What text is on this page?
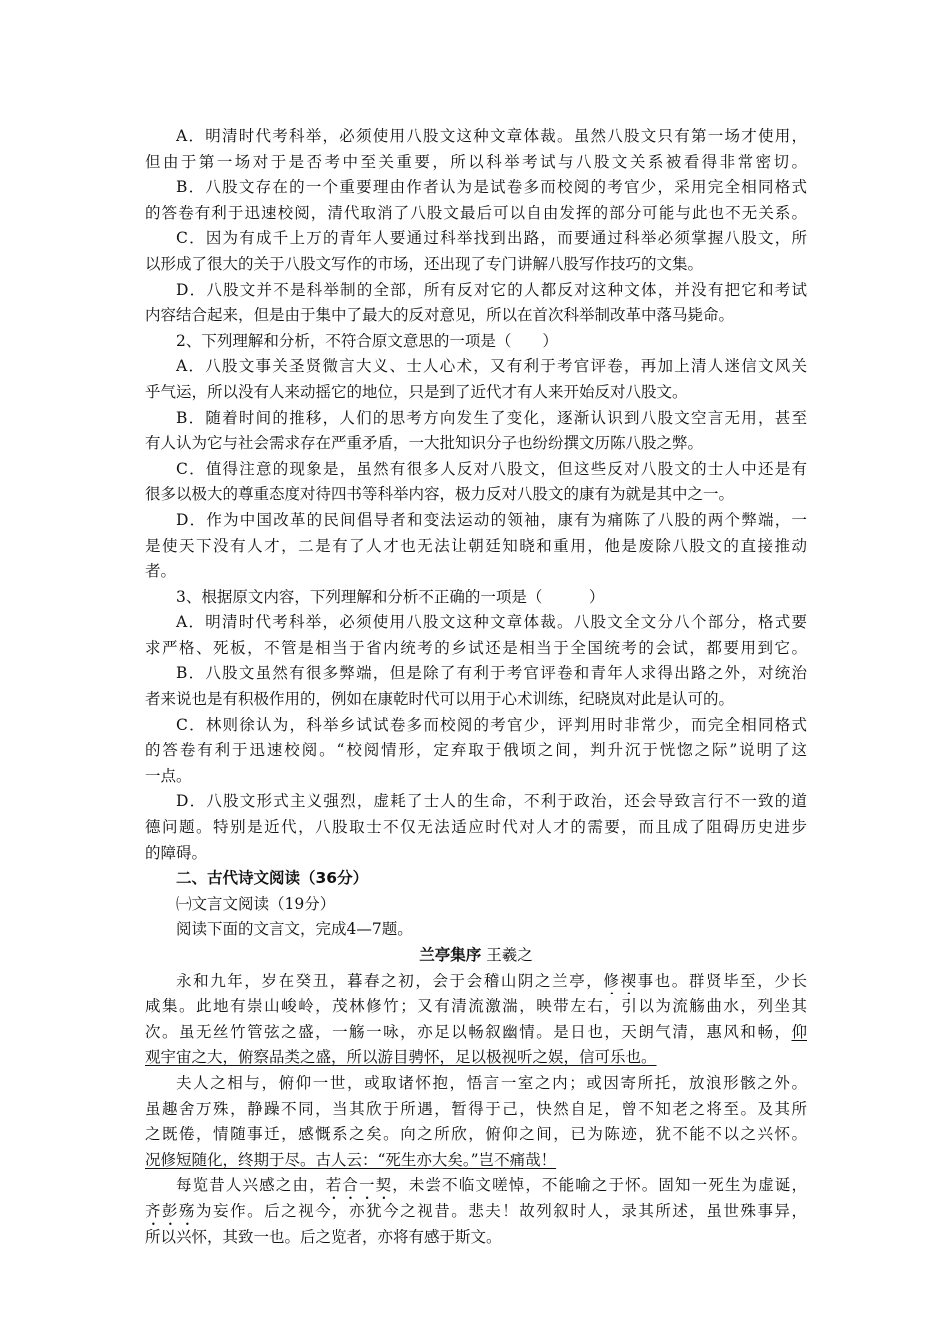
A．明清时代考科举，必须使用八股文这种文章体裁。虽然八股文只有第一场才使用，
但由于第一场对于是否考中至关重要，所以科举考试与八股文关系被看得非常密切。
B．八股文存在的一个重要理由作者认为是试卷多而校阅的考官少，采用完全相同格式
的答卷有利于迅速校阅，清代取消了八股文最后可以自由发挥的部分可能与此也不无关系。
C．因为有成千上万的青年人要通过科举找到出路，而要通过科举必须掌握八股文，所
以形成了很大的关于八股文写作的市场，还出现了专门讲解八股写作技巧的文集。
D．八股文并不是科举制的全部，所有反对它的人都反对这种文体，并没有把它和考试
内容结合起来，但是由于集中了最大的反对意见，所以在首次科举制改革中落马毙命。
2、下列理解和分析，不符合原文意思的一项是（　　）
A．八股文事关圣贤微言大义、士人心术，又有利于考官评卷，再加上清人迷信文风关
乎气运，所以没有人来动摇它的地位，只是到了近代才有人来开始反对八股文。
B．随着时间的推移，人们的思考方向发生了变化，逐渐认识到八股文空言无用，甚至
有人认为它与社会需求存在严重矛盾，一大批知识分子也纷纷撰文历陈八股之弊。
C．值得注意的现象是，虽然有很多人反对八股文，但这些反对八股文的士人中还是有
很多以极大的尊重态度对待四书等科举内容，极力反对八股文的康有为就是其中之一。
D．作为中国改革的民间倡导者和变法运动的领袖，康有为痛陈了八股的两个弊端，一
是使天下没有人才，二是有了人才也无法让朝廷知晓和重用，他是废除八股文的直接推动
者。
3、根据原文内容，下列理解和分析不正确的一项是（　　　）
A．明清时代考科举，必须使用八股文这种文章体裁。八股文全文分八个部分，格式要
求严格、死板，不管是相当于省内统考的乡试还是相当于全国统考的会试，都要用到它。
B．八股文虽然有很多弊端，但是除了有利于考官评卷和青年人求得出路之外，对统治
者来说也是有积极作用的，例如在康乾时代可以用于心术训练，纪晓岚对此是认可的。
C．林则徐认为，科举乡试试卷多而校阅的考官少，评判用时非常少，而完全相同格式
的答卷有利于迅速校阅。“校阅情形，定弃取于俄顷之间，判升沉于恍惚之际”说明了这
一点。
D．八股文形式主义强烈，虚耗了士人的生命，不利于政治，还会导致言行不一致的道
德问题。特别是近代，八股取士不仅无法适应时代对人才的需要，而且成了阻碍历史进步
的障碍。
二、古代诗文阅读（36分）
㈠文言文阅读（19分）
阅读下面的文言文，完成4—7题。
兰亭集序 王羲之
永和九年，岁在癸丑，暮春之初，会于会稽山阴之兰亭，修禊事也。群贤毕至，少长
咸集。此地有崇山峻岭，茂林修竹；又有清流激湍，映带左右，引以为流觞曲水，列坐其
次。虽无丝竹管弦之盛，一觞一咏，亦足以畅叙幽情。是日也，天朗气清，惠风和畅，仰
观宇宙之大，俯察品类之盛，所以游目骋怀，足以极视听之娱，信可乐也。
夫人之相与，俯仰一世，或取诸怀抱，悟言一室之内；或因寄所托，放浪形骸之外。
虽趣舍万殊，静躁不同，当其欣于所遇，暂得于己，快然自足，曾不知老之将至。及其所
之既倦，情随事迁，感慨系之矣。向之所欣，俯仰之间，已为陈迹，犹不能不以之兴怀。
况修短随化，终期于尽。古人云：“死生亦大矣。”岂不痛哉！
每览昔人兴感之由，若合一契，未尝不临文嗟悼，不能喻之于怀。固知一死生为虚诞，
齐彭殇为妄作。后之视今，亦犹今之视昔。悲夫！故列叙时人，录其所述，虽世殊事异，
所以兴怀，其致一也。后之览者，亦将有感于斯文。
